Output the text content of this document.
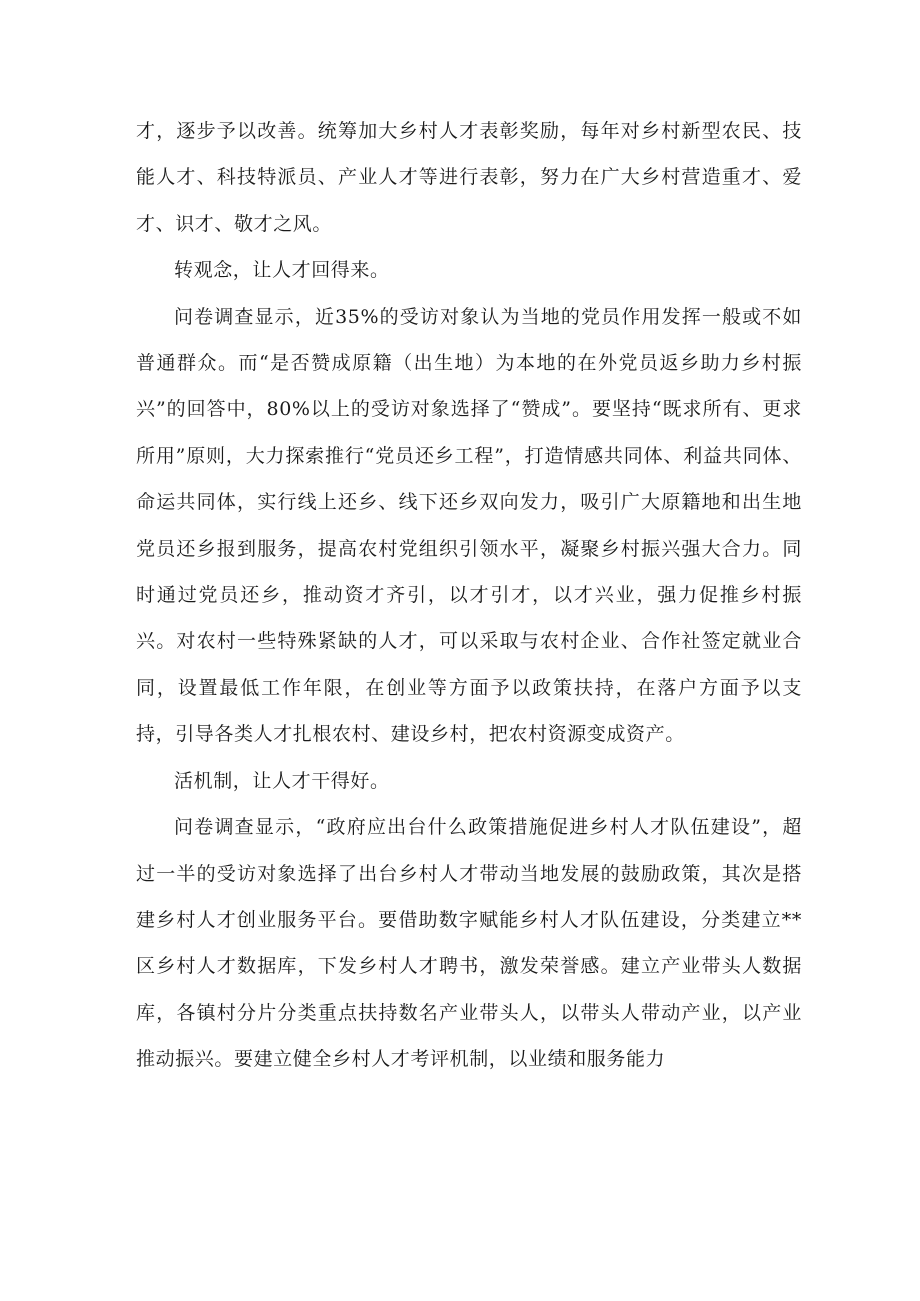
才，逐步予以改善。统筹加大乡村人才表彰奖励，每年对乡村新型农民、技能人才、科技特派员、产业人才等进行表彰，努力在广大乡村营造重才、爱才、识才、敬才之风。

转观念，让人才回得来。

问卷调查显示，近35%的受访对象认为当地的党员作用发挥一般或不如普通群众。而“是否赞成原籍（出生地）为本地的在外党员返乡助力乡村振兴”的回答中，80%以上的受访对象选择了“赞成”。要坚持“既求所有、更求所用”原则，大力探索推行“党员还乡工程”，打造情感共同体、利益共同体、命运共同体，实行线上还乡、线下还乡双向发力，吸引广大原籍地和出生地党员还乡报到服务，提高农村党组织引领水平，凝聚乡村振兴强大合力。同时通过党员还乡，推动资才齐引，以才引才，以才兴业，强力促推乡村振兴。对农村一些特殊紧缺的人才，可以采取与农村企业、合作社签定就业合同，设置最低工作年限，在创业等方面予以政策扶持，在落户方面予以支持，引导各类人才扎根农村、建设乡村，把农村资源变成资产。

活机制，让人才干得好。

问卷调查显示，“政府应出台什么政策措施促进乡村人才队伍建设”，超过一半的受访对象选择了出台乡村人才带动当地发展的鼓励政策，其次是搭建乡村人才创业服务平台。要借助数字赋能乡村人才队伍建设，分类建立**区乡村人才数据库，下发乡村人才聘书，激发荣誉感。建立产业带头人数据库，各镇村分片分类重点扶持数名产业带头人，以带头人带动产业，以产业推动振兴。要建立健全乡村人才考评机制，以业绩和服务能力
